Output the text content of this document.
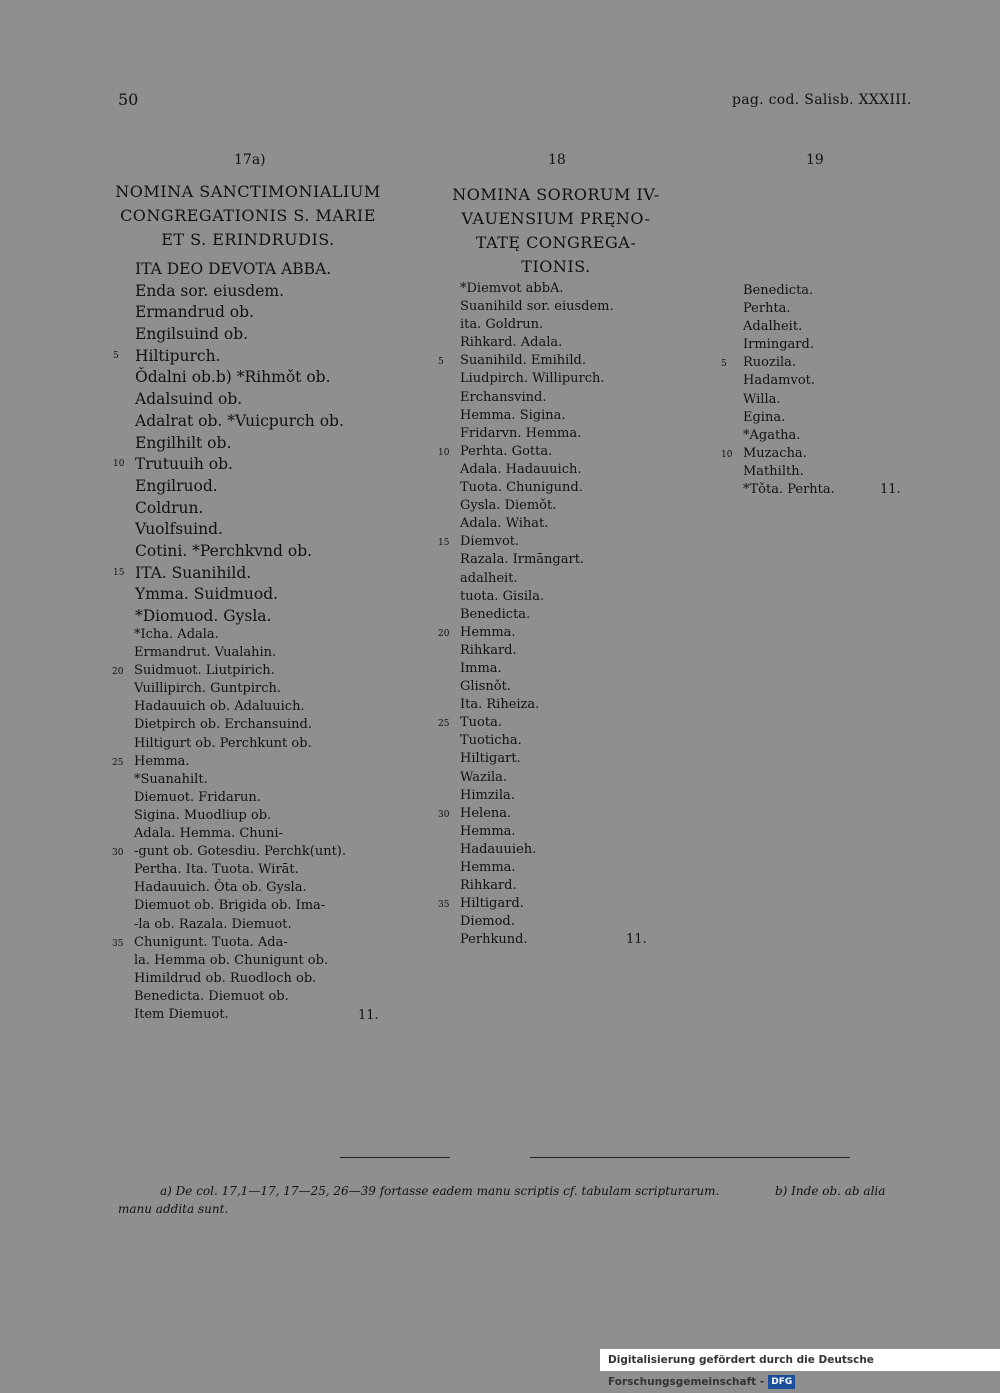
50	pag. cod. Salisb. XXXIII.
17a)
NOMINA SANCTIMONIALIUM
CONGREGATIONIS S. MARIE
ET S. ERINDRUDIS.
ITA DEO DEVOTA ABBA.
Enda sor. eiusdem.
Ermandrud ob.
Engilsuind ob.
5 Hiltipurch.
Ǒdalni ob.b) *Rihmǒt ob.
Adalsuind ob.
Adalrat ob. *Vuicpurch ob.
Engilhilt ob.
10 Trutuuih ob.
Engilruod.
Coldrun.
Vuolfsuind.
Cotini. *Perchkvnd ob.
15 ITA. Suanihild.
Ymma. Suidmuod.
*Diomuod. Gysla.
*Icha. Adala.
Ermandrut. Vualahin.
20 Suidmuot. Liutpirich.
Vuillipirch. Guntpirch.
Hadauuich ob. Adaluuich.
Dietpirch ob. Erchansuind.
Hiltigurt ob. Perchkunt ob.
25 Hemma.
*Suanahilt.
Diemuot. Fridarun.
Sigina. Muodliup ob.
Adala. Hemma. Chuni-
30 -gunt ob. Gotesdiu. Perchk(unt).
Pertha. Ita. Tuota. Wirāt.
Hadauuich. Ǒta ob. Gysla.
Diemuot ob. Brigida ob. Ima-
-la ob. Razala. Diemuot.
35 Chunigunt. Tuota. Ada-
la. Hemma ob. Chunigunt ob.
Himildrud ob. Ruodloch ob.
Benedicta. Diemuot ob.
Item Diemuot.	11.
18
NOMINA SORORUM IV-
VAUENSIUM PRĘNO-
TATĘ CONGREGA-
TIONIS.
*Diemvot abbA.
Suanihild sor. eiusdem.
ita. Goldrun.
Rihkard. Adala.
5 Suanihild. Emihild.
Liudpirch. Willipurch.
Erchansvind.
Hemma. Sigina.
Fridarvn. Hemma.
10 Perhta. Gotta.
Adala. Hadauuich.
Tuota. Chunigund.
Gysla. Diemǒt.
Adala. Wihat.
15 Diemvot.
Razala. Irmāngart.
adalheit.
tuota. Gisila.
Benedicta.
20 Hemma.
Rihkard.
Imma.
Glisnǒt.
Ita. Riheiza.
25 Tuota.
Tuoticha.
Hiltigart.
Wazila.
Himzila.
30 Helena.
Hemma.
Hadauuieh.
Hemma.
Rihkard.
35 Hiltigard.
Diemod.
Perhkund.	11.
19
Benedicta.
Perhta.
Adalheit.
Irmingard.
5 Ruozila.
Hadamvot.
Willa.
Egina.
*Agatha.
10 Muzacha.
Mathilth.
*Tǒta. Perhta.	11.
a) De col. 17,1—17, 17—25, 26—39 fortasse eadem manu scriptis cf. tabulam scripturarum.	b) Inde ob. ab alia
manu addita sunt.
Digitalisierung gefördert durch die Deutsche Forschungsgemeinschaft - DFG
